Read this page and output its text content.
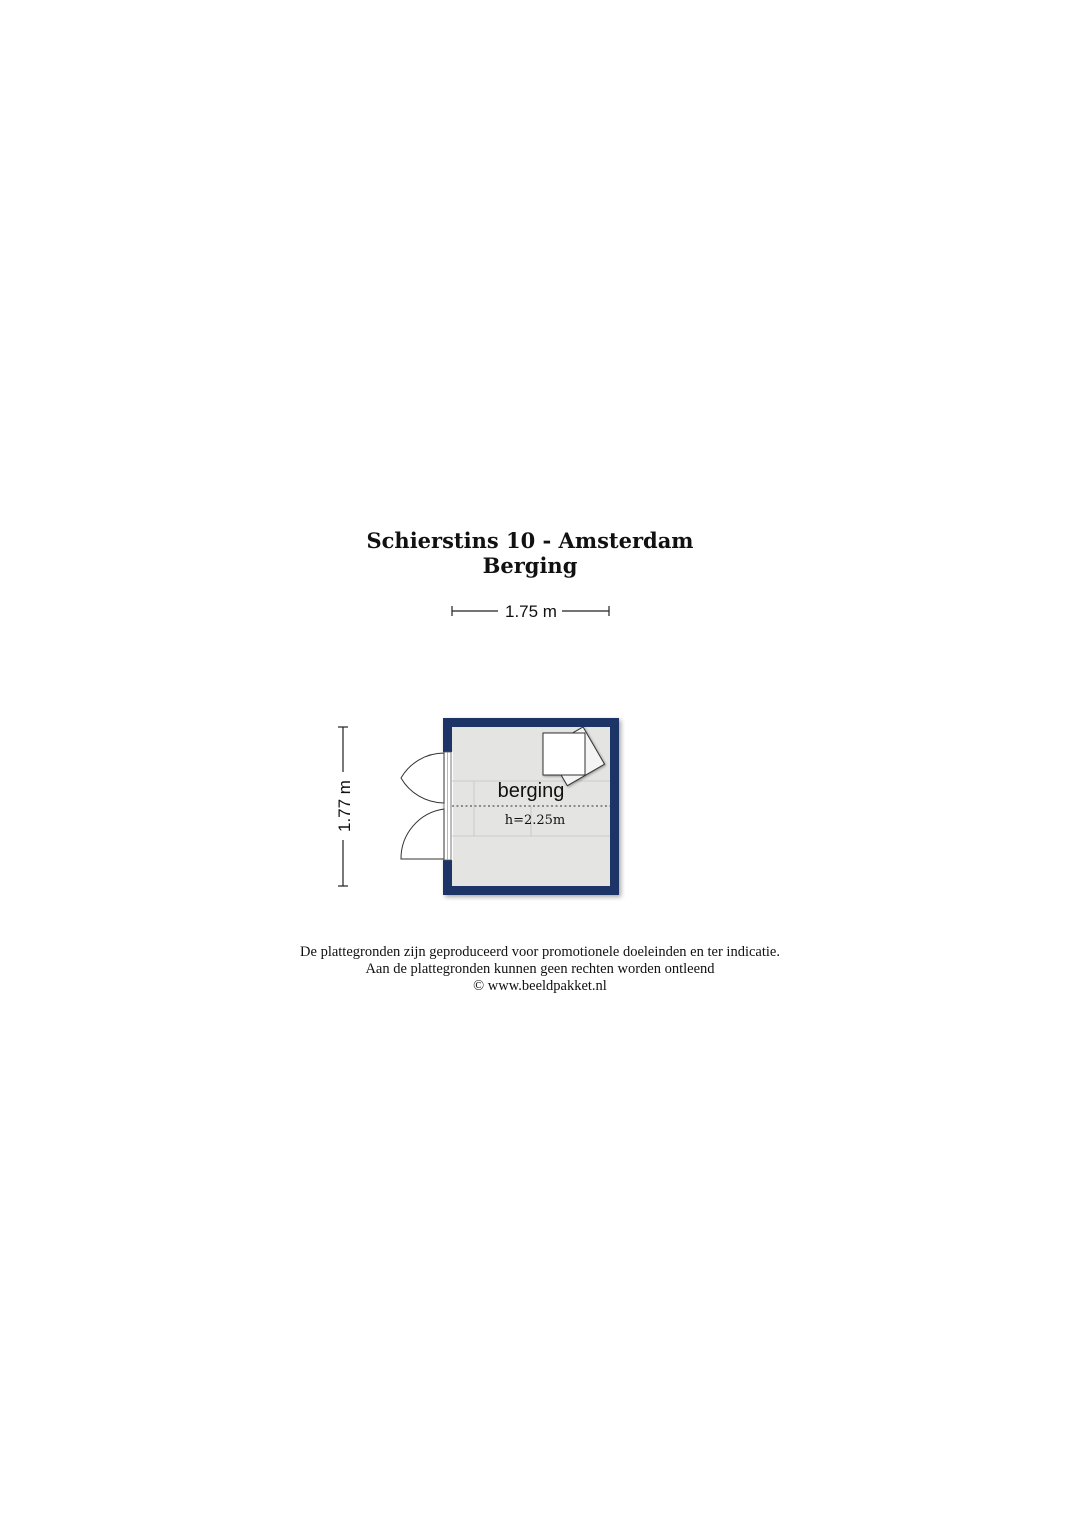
Schierstins 10 - Amsterdam
Berging
1.75 m
1.77 m	berging
h=2.25m
De plattegronden zijn geproduceerd voor promotionele doeleinden en ter indicatie.
Aan de plattegronden kunnen geen rechten worden ontleend
© www.beeldpakket.nl
